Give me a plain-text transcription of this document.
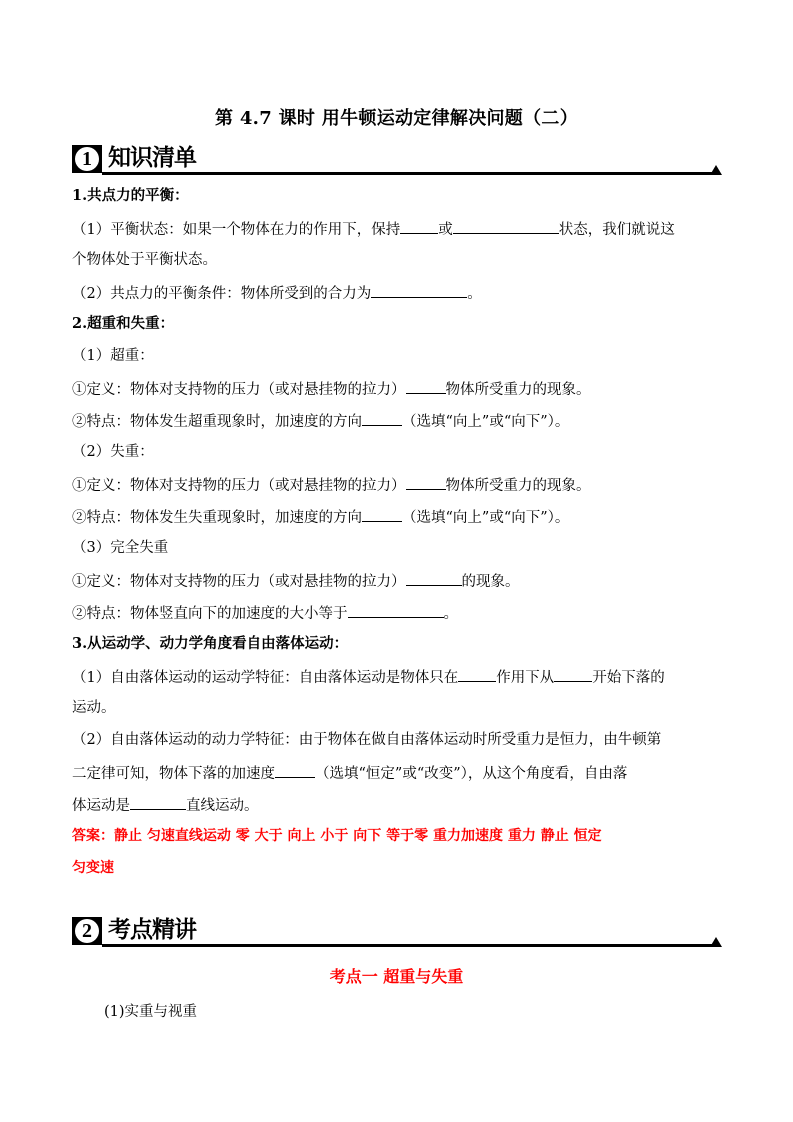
第 4.7 课时 用牛顿运动定律解决问题（二）
1 知识清单
1.共点力的平衡：
（1）平衡状态：如果一个物体在力的作用下，保持	或	状态，我们就说这
个物体处于平衡状态。
（2）共点力的平衡条件：物体所受到的合力为	。
2.超重和失重：
（1）超重：
①定义：物体对支持物的压力（或对悬挂物的拉力）	物体所受重力的现象。
②特点：物体发生超重现象时，加速度的方向	（选填“向上”或“向下”）。
（2）失重：
①定义：物体对支持物的压力（或对悬挂物的拉力）	物体所受重力的现象。
②特点：物体发生失重现象时，加速度的方向	（选填“向上”或“向下”）。
（3）完全失重
①定义：物体对支持物的压力（或对悬挂物的拉力）	的现象。
②特点：物体竖直向下的加速度的大小等于	。
3.从运动学、动力学角度看自由落体运动：
（1）自由落体运动的运动学特征：自由落体运动是物体只在	作用下从	开始下落的
运动。
（2）自由落体运动的动力学特征：由于物体在做自由落体运动时所受重力是恒力，由牛顿第
二定律可知，物体下落的加速度	（选填“恒定”或“改变”），从这个角度看，自由落
体运动是	直线运动。
答案：静止 匀速直线运动 零 大于 向上 小于 向下 等于零 重力加速度 重力 静止 恒定
匀变速
2 考点精讲
考点一 超重与失重
(1)实重与视重
